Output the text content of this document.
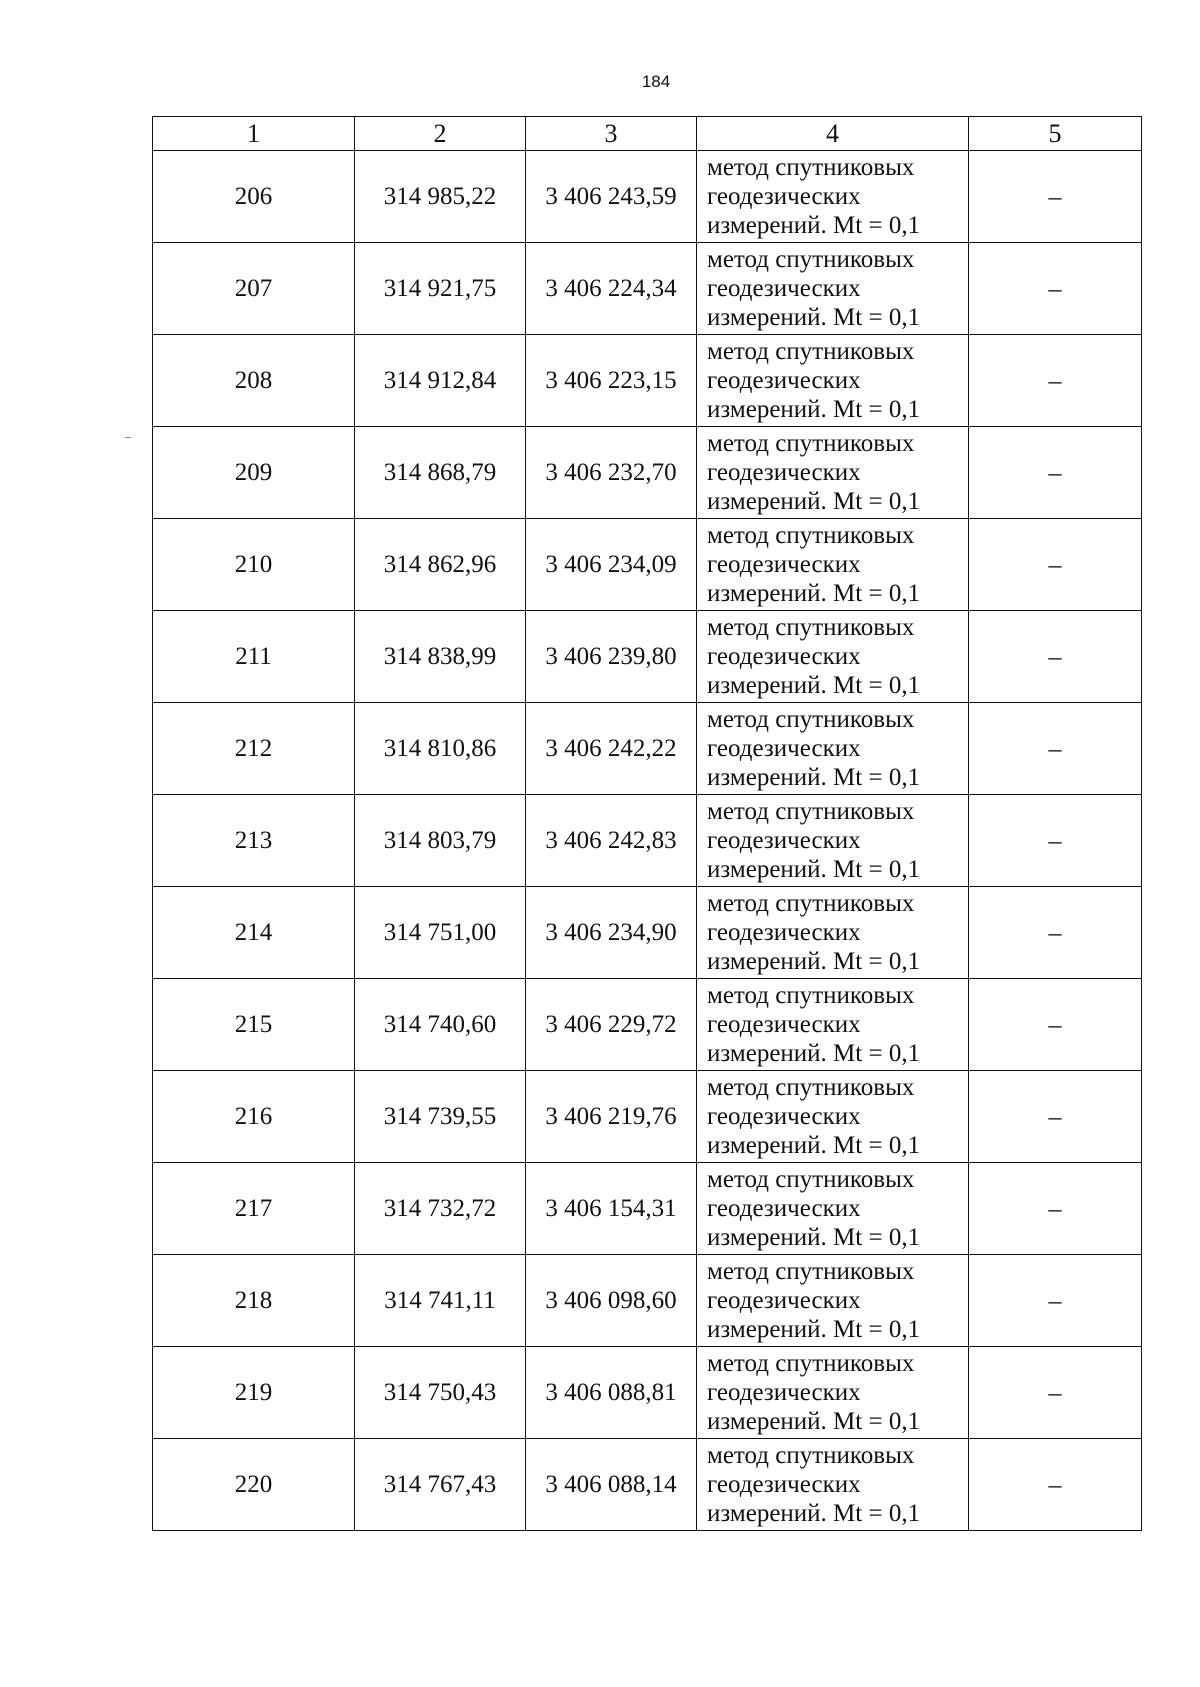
184
1	2	3	4	5
206	314 985,22	3 406 243,59	метод спутниковых
геодезических
измерений. Mt = 0,1	–
207	314 921,75	3 406 224,34	метод спутниковых
геодезических
измерений. Mt = 0,1	–
208	314 912,84	3 406 223,15	метод спутниковых
геодезических
измерений. Mt = 0,1	–
209	314 868,79	3 406 232,70	метод спутниковых
геодезических
измерений. Mt = 0,1	–
210	314 862,96	3 406 234,09	метод спутниковых
геодезических
измерений. Mt = 0,1	–
211	314 838,99	3 406 239,80	метод спутниковых
геодезических
измерений. Mt = 0,1	–
212	314 810,86	3 406 242,22	метод спутниковых
геодезических
измерений. Mt = 0,1	–
213	314 803,79	3 406 242,83	метод спутниковых
геодезических
измерений. Mt = 0,1	–
214	314 751,00	3 406 234,90	метод спутниковых
геодезических
измерений. Mt = 0,1	–
215	314 740,60	3 406 229,72	метод спутниковых
геодезических
измерений. Mt = 0,1	–
216	314 739,55	3 406 219,76	метод спутниковых
геодезических
измерений. Mt = 0,1	–
217	314 732,72	3 406 154,31	метод спутниковых
геодезических
измерений. Mt = 0,1	–
218	314 741,11	3 406 098,60	метод спутниковых
геодезических
измерений. Mt = 0,1	–
219	314 750,43	3 406 088,81	метод спутниковых
геодезических
измерений. Mt = 0,1	–
220	314 767,43	3 406 088,14	метод спутниковых
геодезических
измерений. Mt = 0,1	–
